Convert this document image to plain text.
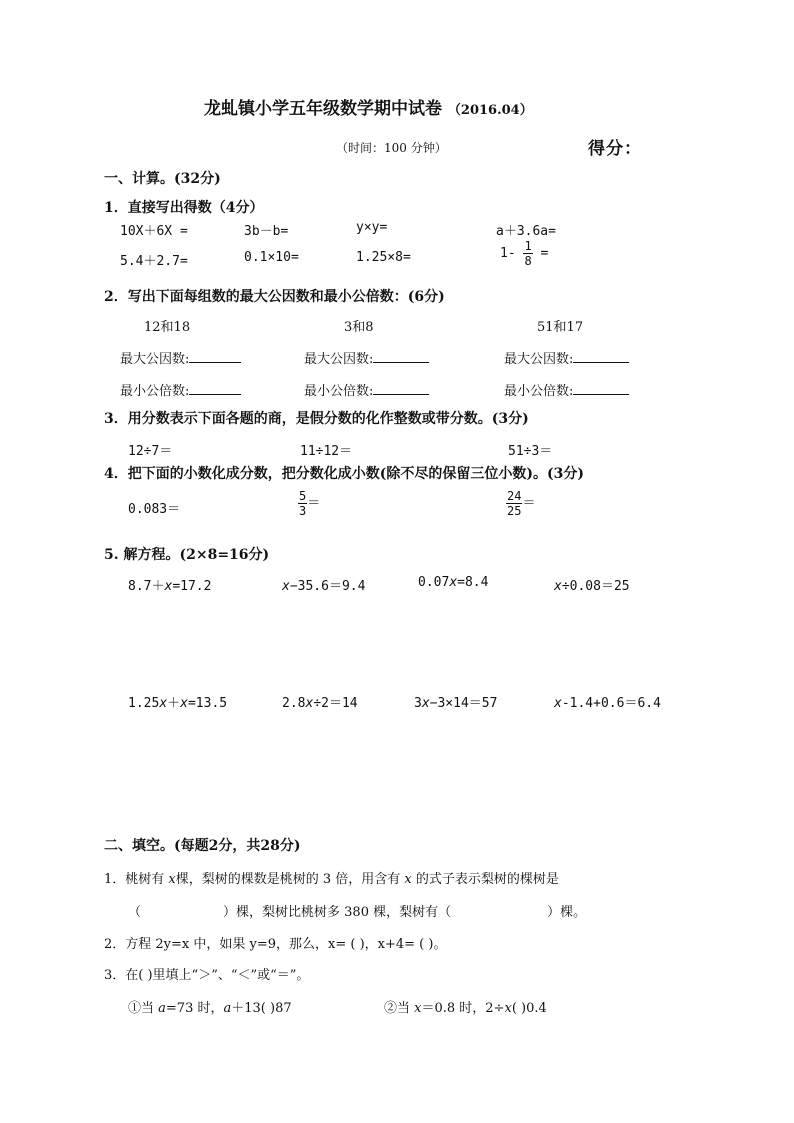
龙虬镇小学五年级数学期中试卷 （2016.04）
（时间：100 分钟）	得分：
一、计算。(32分)
1．直接写出得数（4分）
10X＋6X =	3b－b=	y×y=	a＋3.6a=
5.4＋2.7=	0.1×10=	1.25×8=	$1- \frac{1}{8}$ =
2．写出下面每组数的最大公因数和最小公倍数：(6分)
12和18	3和8	51和17
最大公因数:	最大公因数:	最大公因数:
最小公倍数:	最小公倍数:	最小公倍数:
3．用分数表示下面各题的商，是假分数的化作整数或带分数。(3分)
12÷7＝	11÷12＝	51÷3＝
4．把下面的小数化成分数，把分数化成小数(除不尽的保留三位小数)。(3分)
0.083＝	$\frac{5}{3}$ ＝	$\frac{24}{25}$ ＝
5. 解方程。(2×8=16分)
8.7＋x=17.2	x−35.6＝9.4	0.07x=8.4	x÷0.08＝25
1.25x＋x=13.5	2.8x÷2＝14	3x−3×14＝57	x-1.4+0.6＝6.4
二、填空。(每题2分，共28分)
1．桃树有 x棵，梨树的棵数是桃树的 3 倍，用含有 x 的式子表示梨树的棵树是
（	）棵，梨树比桃树多 380 棵，梨树有（	）棵。
2．方程 2y=x 中，如果 y=9，那么，x= ( )，x+4= ( )。
3．在( )里填上“＞”、“＜”或“＝”。
①当 a=73 时，a＋13( )87	②当 x＝0.8 时，2÷x( )0.4
